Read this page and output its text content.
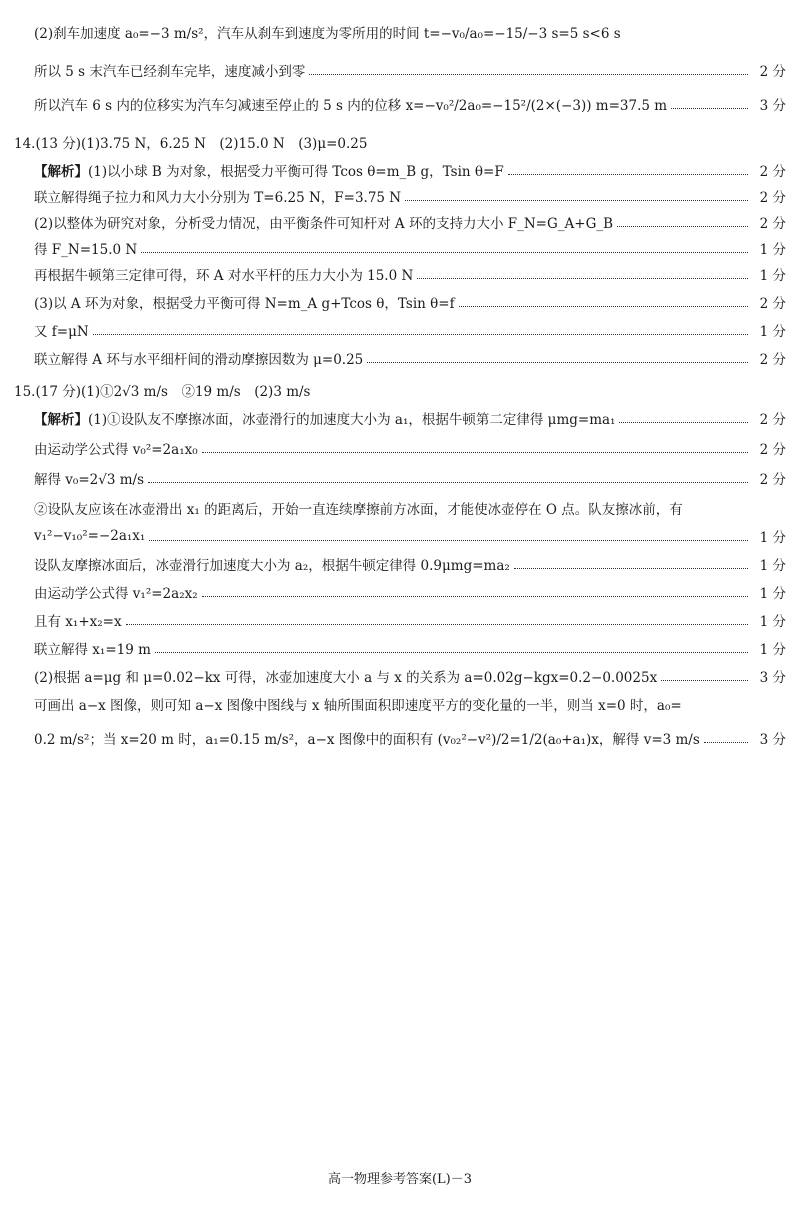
(2)刹车加速度 a₀=−3 m/s²，汽车从刹车到速度为零所用的时间 t=−v₀/a₀=−15/−3 s=5 s<6 s
所以 5 s 末汽车已经刹车完毕，速度减小到零	2 分
所以汽车 6 s 内的位移实为汽车匀减速至停止的 5 s 内的位移 x=−v₀²/2a₀=−15²/(2×(−3)) m=37.5 m	3 分
14.(13 分)(1)3.75 N，6.25 N　(2)15.0 N　(3)μ=0.25
【解析】(1)以小球 B 为对象，根据受力平衡可得 Tcos θ=m_B g，Tsin θ=F	2 分
联立解得绳子拉力和风力大小分别为 T=6.25 N，F=3.75 N	2 分
(2)以整体为研究对象，分析受力情况，由平衡条件可知杆对 A 环的支持力大小 F_N=G_A+G_B	2 分
得 F_N=15.0 N	1 分
再根据牛顿第三定律可得，环 A 对水平杆的压力大小为 15.0 N	1 分
(3)以 A 环为对象，根据受力平衡可得 N=m_A g+Tcos θ，Tsin θ=f	2 分
又 f=μN	1 分
联立解得 A 环与水平细杆间的滑动摩擦因数为 μ=0.25	2 分
15.(17 分)(1)①2√3 m/s　②19 m/s　(2)3 m/s
【解析】(1)①设队友不摩擦冰面，冰壶滑行的加速度大小为 a₁，根据牛顿第二定律得 μmg=ma₁	2 分
由运动学公式得 v₀²=2a₁x₀	2 分
解得 v₀=2√3 m/s	2 分
②设队友应该在冰壶滑出 x₁ 的距离后，开始一直连续摩擦前方冰面，才能使冰壶停在 O 点。队友擦冰前，有
v₁²−v₁₀²=−2a₁x₁	1 分
设队友摩擦冰面后，冰壶滑行加速度大小为 a₂，根据牛顿定律得 0.9μmg=ma₂	1 分
由运动学公式得 v₁²=2a₂x₂	1 分
且有 x₁+x₂=x	1 分
联立解得 x₁=19 m	1 分
(2)根据 a=μg 和 μ=0.02−kx 可得，冰壶加速度大小 a 与 x 的关系为 a=0.02g−kgx=0.2−0.0025x	3 分
可画出 a−x 图像，则可知 a−x 图像中图线与 x 轴所围面积即速度平方的变化量的一半，则当 x=0 时，a₀=
0.2 m/s²；当 x=20 m 时，a₁=0.15 m/s²，a−x 图像中的面积有 (v₀₂²−v²)/2=1/2(a₀+a₁)x，解得 v=3 m/s	3 分
高一物理参考答案(L)－3
